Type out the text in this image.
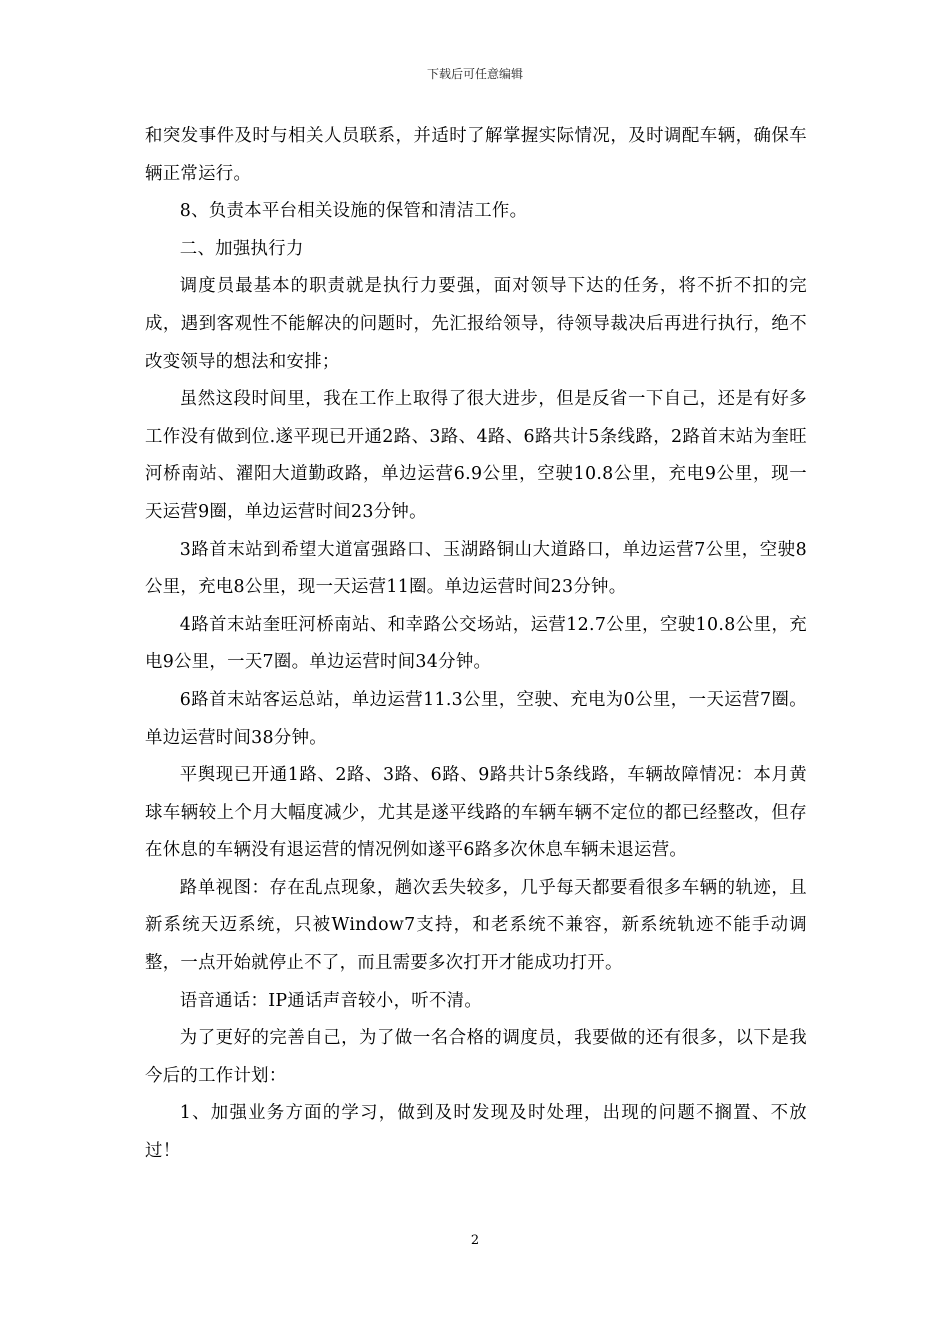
下载后可任意编辑

和突发事件及时与相关人员联系，并适时了解掌握实际情况，及时调配车辆，确保车辆正常运行。

8、负责本平台相关设施的保管和清洁工作。

二、加强执行力

调度员最基本的职责就是执行力要强，面对领导下达的任务，将不折不扣的完成，遇到客观性不能解决的问题时，先汇报给领导，待领导裁决后再进行执行，绝不改变领导的想法和安排；

虽然这段时间里，我在工作上取得了很大进步，但是反省一下自己，还是有好多工作没有做到位.遂平现已开通2路、3路、4路、6路共计5条线路，2路首末站为奎旺河桥南站、濯阳大道勤政路，单边运营6.9公里，空驶10.8公里，充电9公里，现一天运营9圈，单边运营时间23分钟。

3路首末站到希望大道富强路口、玉湖路铜山大道路口，单边运营7公里，空驶8公里，充电8公里，现一天运营11圈。单边运营时间23分钟。

4路首末站奎旺河桥南站、和幸路公交场站，运营12.7公里，空驶10.8公里，充电9公里，一天7圈。单边运营时间34分钟。

6路首末站客运总站，单边运营11.3公里，空驶、充电为0公里，一天运营7圈。单边运营时间38分钟。

平舆现已开通1路、2路、3路、6路、9路共计5条线路，车辆故障情况：本月黄球车辆较上个月大幅度减少，尤其是遂平线路的车辆车辆不定位的都已经整改，但存在休息的车辆没有退运营的情况例如遂平6路多次休息车辆未退运营。

路单视图：存在乱点现象，趟次丢失较多，几乎每天都要看很多车辆的轨迹，且新系统天迈系统，只被Window7支持，和老系统不兼容，新系统轨迹不能手动调整，一点开始就停止不了，而且需要多次打开才能成功打开。

语音通话：IP通话声音较小，听不清。

为了更好的完善自己，为了做一名合格的调度员，我要做的还有很多，以下是我今后的工作计划：

1、加强业务方面的学习，做到及时发现及时处理，出现的问题不搁置、不放过！

2
